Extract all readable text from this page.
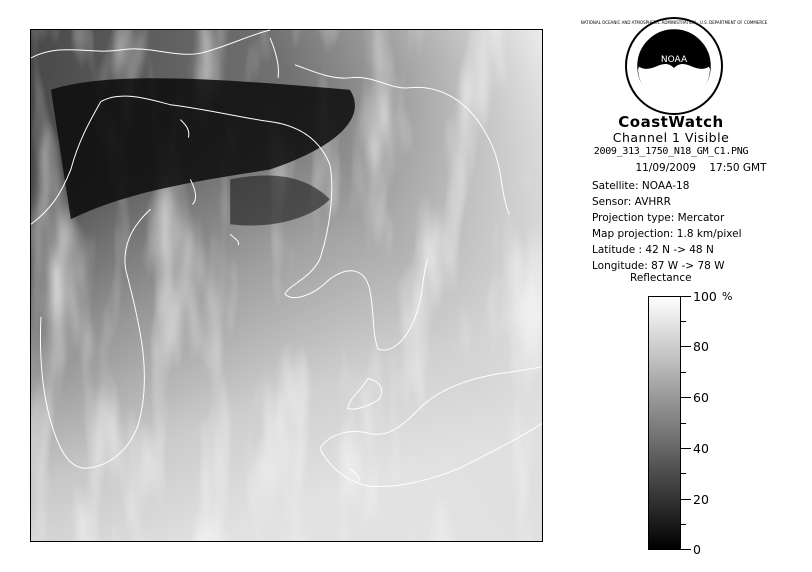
NOAA
NATIONAL OCEANIC AND ATMOSPHERIC ADMINISTRATION · U.S. DEPARTMENT OF COMMERCE
CoastWatch
Channel 1 Visible
2009_313_1750_N18_GM_C1.PNG
11/09/2009 17:50 GMT
Satellite: NOAA-18
Sensor: AVHRR
Projection type: Mercator
Map projection: 1.8 km/pixel
Latitude : 42 N -> 48 N
Longitude: 87 W -> 78 W
Reflectance
%
100
80
60
40
20
0
